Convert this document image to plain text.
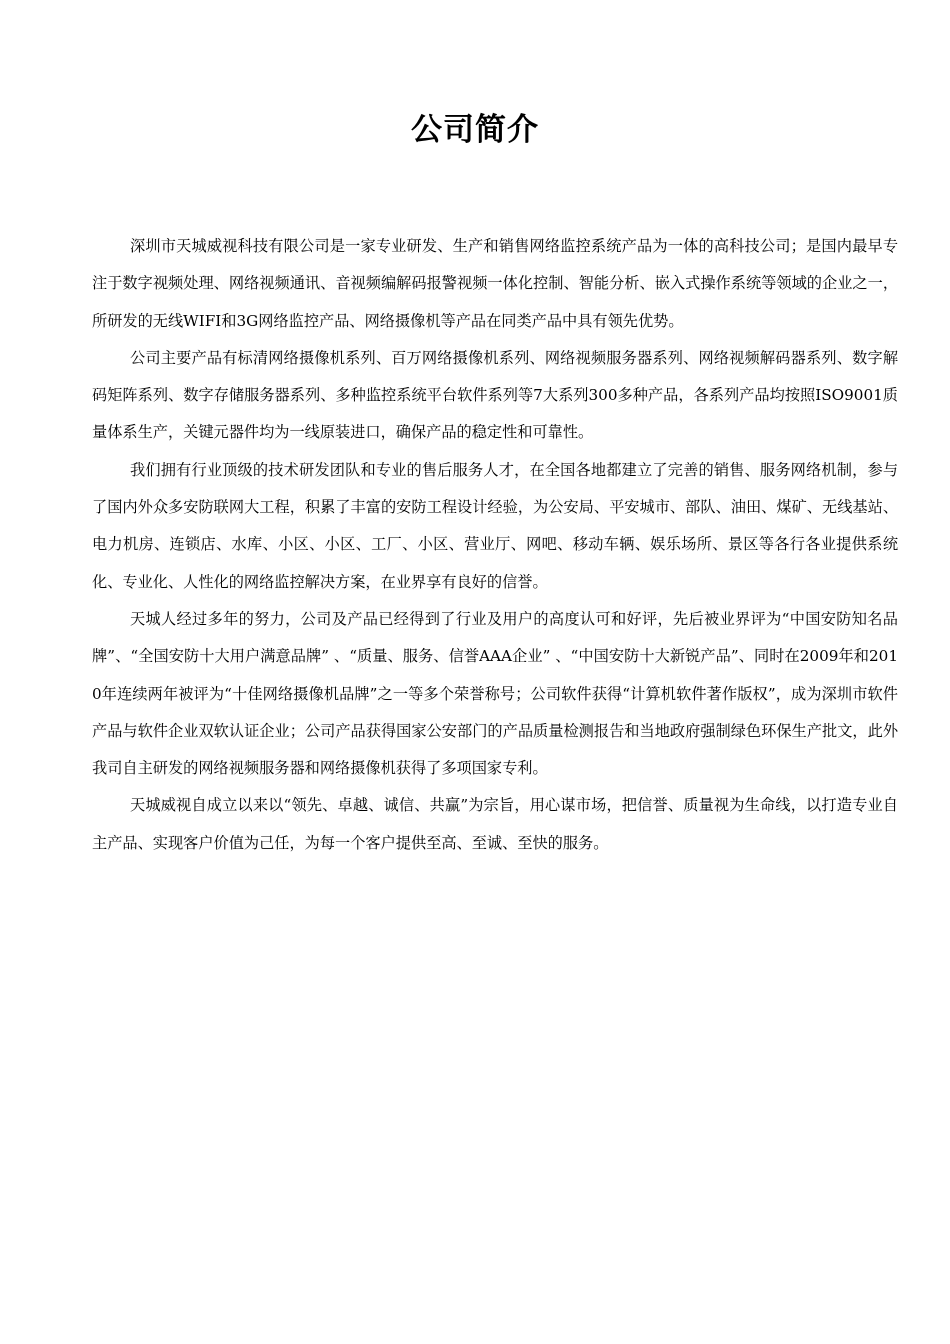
公司简介

深圳市天城威视科技有限公司是一家专业研发、生产和销售网络监控系统产品为一体的高科技公司；是国内最早专注于数字视频处理、网络视频通讯、音视频编解码报警视频一体化控制、智能分析、嵌入式操作系统等领域的企业之一，所研发的无线WIFI和3G网络监控产品、网络摄像机等产品在同类产品中具有领先优势。

公司主要产品有标清网络摄像机系列、百万网络摄像机系列、网络视频服务器系列、网络视频解码器系列、数字解码矩阵系列、数字存储服务器系列、多种监控系统平台软件系列等7大系列300多种产品，各系列产品均按照ISO9001质量体系生产，关键元器件均为一线原装进口，确保产品的稳定性和可靠性。

我们拥有行业顶级的技术研发团队和专业的售后服务人才，在全国各地都建立了完善的销售、服务网络机制，参与了国内外众多安防联网大工程，积累了丰富的安防工程设计经验，为公安局、平安城市、部队、油田、煤矿、无线基站、电力机房、连锁店、水库、小区、小区、工厂、小区、营业厅、网吧、移动车辆、娱乐场所、景区等各行各业提供系统化、专业化、人性化的网络监控解决方案，在业界享有良好的信誉。

天城人经过多年的努力，公司及产品已经得到了行业及用户的高度认可和好评，先后被业界评为“中国安防知名品牌”、“全国安防十大用户满意品牌” 、“质量、服务、信誉AAA企业” 、“中国安防十大新锐产品”、同时在2009年和2010年连续两年被评为“十佳网络摄像机品牌”之一等多个荣誉称号；公司软件获得“计算机软件著作版权”，成为深圳市软件产品与软件企业双软认证企业；公司产品获得国家公安部门的产品质量检测报告和当地政府强制绿色环保生产批文，此外我司自主研发的网络视频服务器和网络摄像机获得了多项国家专利。

天城威视自成立以来以“领先、卓越、诚信、共赢”为宗旨，用心谋市场，把信誉、质量视为生命线，以打造专业自主产品、实现客户价值为己任，为每一个客户提供至高、至诚、至快的服务。
